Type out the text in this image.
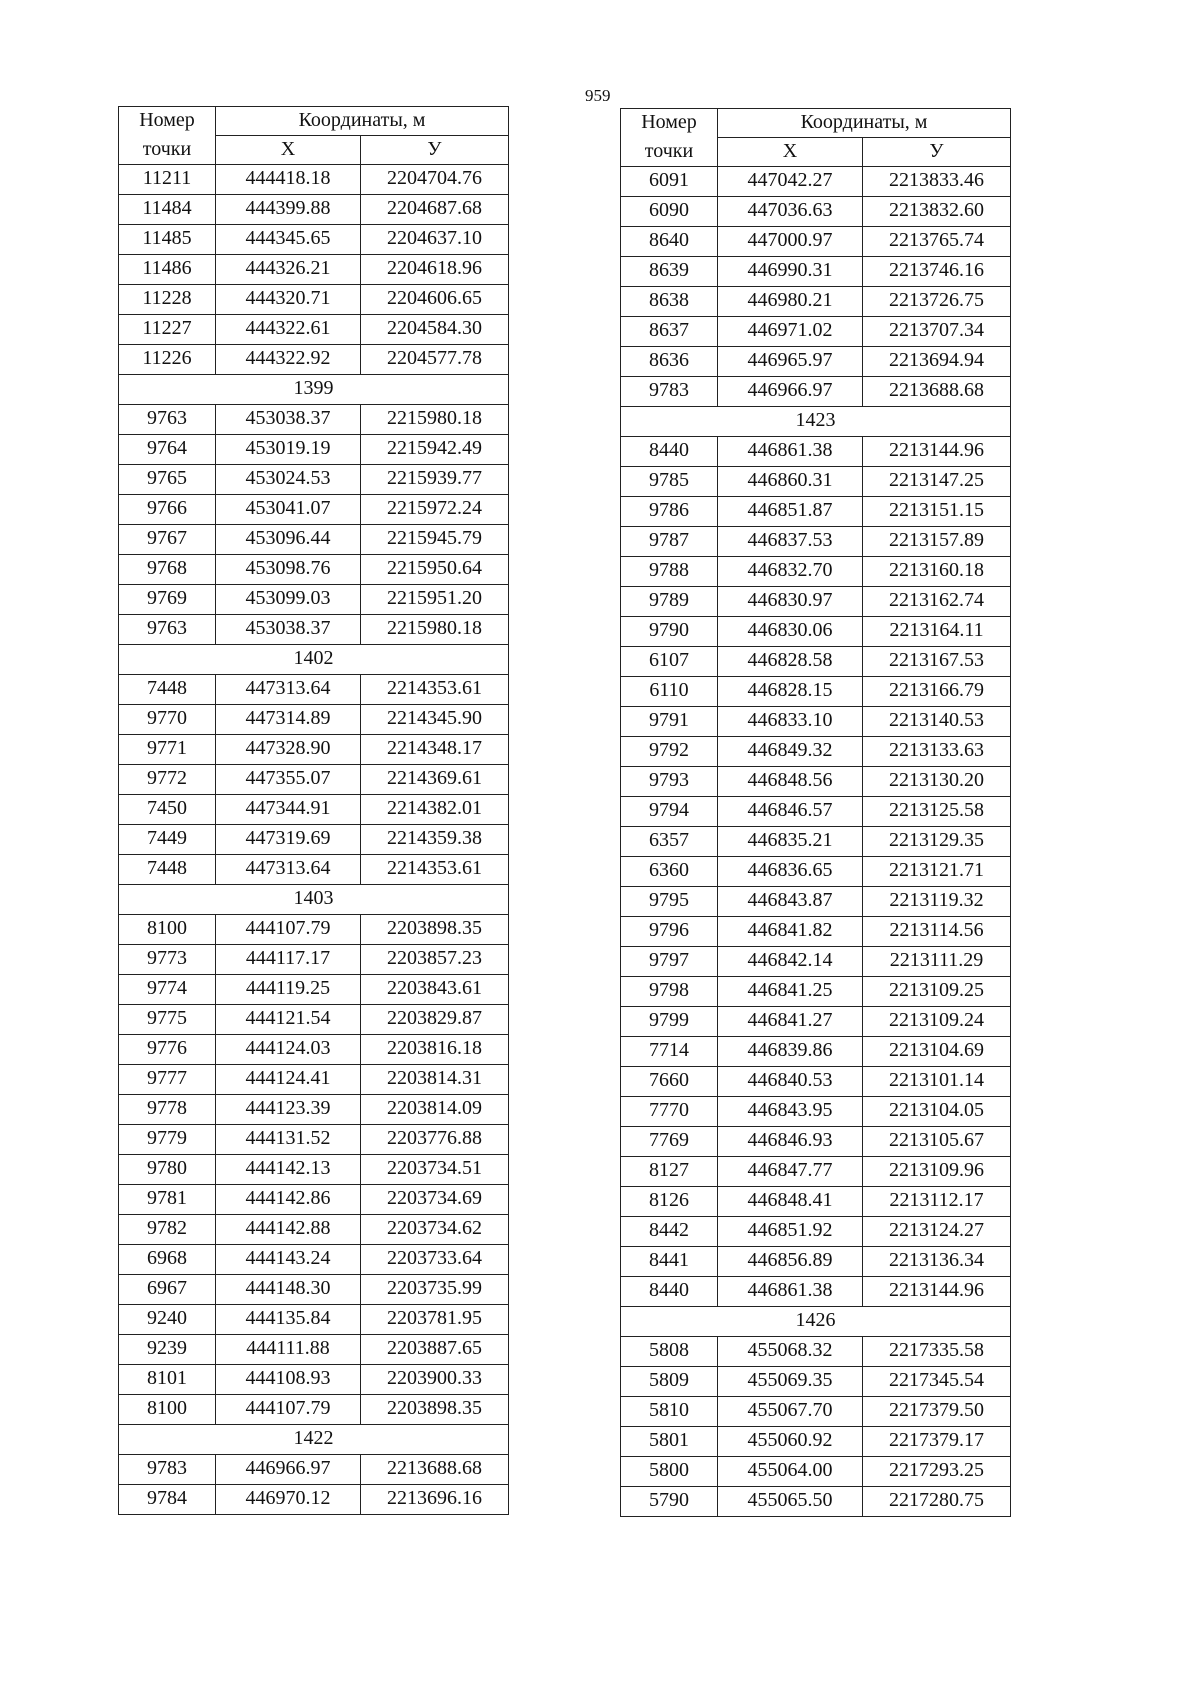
959
Номер	Координаты, м	
точки	X	У
11211	444418.18	2204704.76
11484	444399.88	2204687.68
11485	444345.65	2204637.10
11486	444326.21	2204618.96
11228	444320.71	2204606.65
11227	444322.61	2204584.30
11226	444322.92	2204577.78
1399		
9763	453038.37	2215980.18
9764	453019.19	2215942.49
9765	453024.53	2215939.77
9766	453041.07	2215972.24
9767	453096.44	2215945.79
9768	453098.76	2215950.64
9769	453099.03	2215951.20
9763	453038.37	2215980.18
1402		
7448	447313.64	2214353.61
9770	447314.89	2214345.90
9771	447328.90	2214348.17
9772	447355.07	2214369.61
7450	447344.91	2214382.01
7449	447319.69	2214359.38
7448	447313.64	2214353.61
1403		
8100	444107.79	2203898.35
9773	444117.17	2203857.23
9774	444119.25	2203843.61
9775	444121.54	2203829.87
9776	444124.03	2203816.18
9777	444124.41	2203814.31
9778	444123.39	2203814.09
9779	444131.52	2203776.88
9780	444142.13	2203734.51
9781	444142.86	2203734.69
9782	444142.88	2203734.62
6968	444143.24	2203733.64
6967	444148.30	2203735.99
9240	444135.84	2203781.95
9239	444111.88	2203887.65
8101	444108.93	2203900.33
8100	444107.79	2203898.35
1422		
9783	446966.97	2213688.68
9784	446970.12	2213696.16
Номер	Координаты, м	
точки	X	У
6091	447042.27	2213833.46
6090	447036.63	2213832.60
8640	447000.97	2213765.74
8639	446990.31	2213746.16
8638	446980.21	2213726.75
8637	446971.02	2213707.34
8636	446965.97	2213694.94
9783	446966.97	2213688.68
1423		
8440	446861.38	2213144.96
9785	446860.31	2213147.25
9786	446851.87	2213151.15
9787	446837.53	2213157.89
9788	446832.70	2213160.18
9789	446830.97	2213162.74
9790	446830.06	2213164.11
6107	446828.58	2213167.53
6110	446828.15	2213166.79
9791	446833.10	2213140.53
9792	446849.32	2213133.63
9793	446848.56	2213130.20
9794	446846.57	2213125.58
6357	446835.21	2213129.35
6360	446836.65	2213121.71
9795	446843.87	2213119.32
9796	446841.82	2213114.56
9797	446842.14	2213111.29
9798	446841.25	2213109.25
9799	446841.27	2213109.24
7714	446839.86	2213104.69
7660	446840.53	2213101.14
7770	446843.95	2213104.05
7769	446846.93	2213105.67
8127	446847.77	2213109.96
8126	446848.41	2213112.17
8442	446851.92	2213124.27
8441	446856.89	2213136.34
8440	446861.38	2213144.96
1426		
5808	455068.32	2217335.58
5809	455069.35	2217345.54
5810	455067.70	2217379.50
5801	455060.92	2217379.17
5800	455064.00	2217293.25
5790	455065.50	2217280.75
